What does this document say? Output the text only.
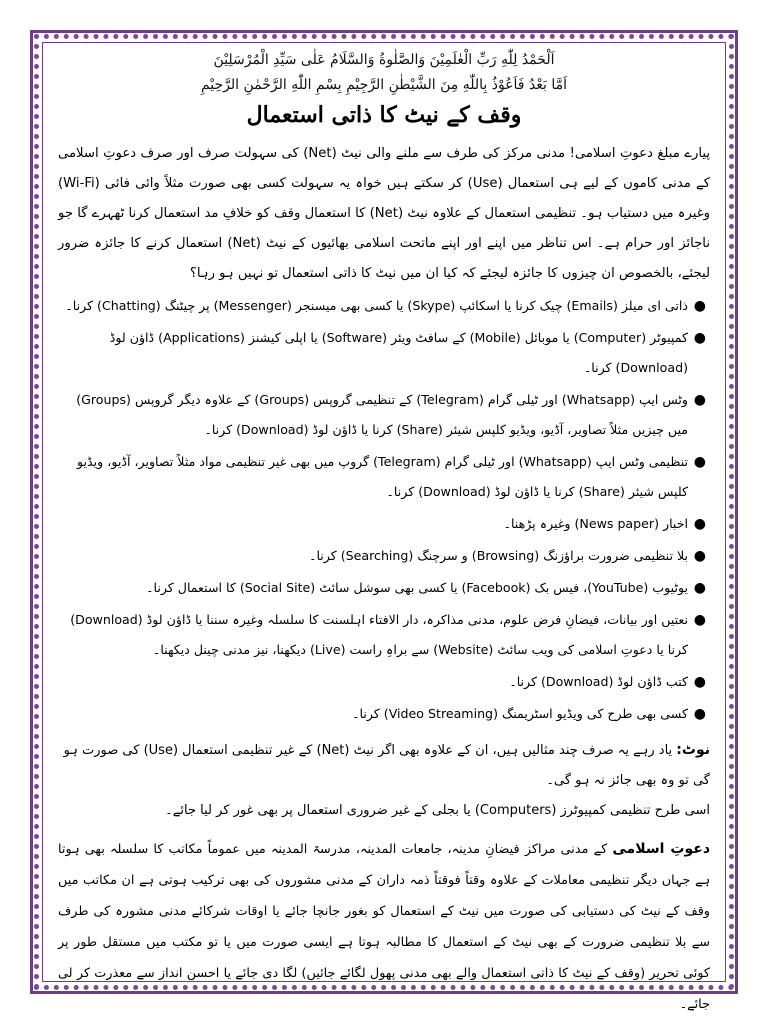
اَلْحَمْدُ لِلّٰهِ رَبِّ الْعٰلَمِيْنَ وَالصَّلٰوةُ وَالسَّلَامُ عَلٰى سَيِّدِ الْمُرْسَلِيْنَ

اَمَّا بَعْدُ فَاَعُوْذُ بِاللّٰهِ مِنَ الشَّيْطٰنِ الرَّجِيْمِ بِسْمِ اللّٰهِ الرَّحْمٰنِ الرَّحِيْمِ

وقف کے نیٹ کا ذاتی استعمال

پیارے مبلغ دعوتِ اسلامی! مدنی مرکز کی طرف سے ملنے والی نیٹ (Net) کی سہولت صرف اور صرف دعوتِ اسلامی کے مدنی کاموں کے لیے ہی استعمال (Use) کر سکتے ہیں خواہ یہ سہولت کسی بھی صورت مثلاً وائی فائی (Wi-Fi) وغیرہ میں دستیاب ہو۔ تنظیمی استعمال کے علاوہ نیٹ (Net) کا استعمال وقف کو خلافِ مد استعمال کرنا ٹھہرے گا جو ناجائز اور حرام ہے۔ اس تناظر میں اپنے اور اپنے ماتحت اسلامی بھائیوں کے نیٹ (Net) استعمال کرنے کا جائزہ ضرور لیجئے، بالخصوص ان چیزوں کا جائزہ لیجئے کہ کیا ان میں نیٹ کا ذاتی استعمال تو نہیں ہو رہا؟

●
ذاتی ای میلز (Emails) چیک کرنا یا اسکائپ (Skype) یا کسی بھی میسنجر (Messenger) پر چیٹنگ (Chatting) کرنا۔
●
کمپیوٹر (Computer) یا موبائل (Mobile) کے سافٹ ویئر (Software) یا اپلی کیشنز (Applications) ڈاؤن لوڈ (Download) کرنا۔
●
وٹس ایپ (Whatsapp) اور ٹیلی گرام (Telegram) کے تنظیمی گروپس (Groups) کے علاوہ دیگر گروپس (Groups) میں چیزیں مثلاً تصاویر، آڈیو، ویڈیو کلپس شیئر (Share) کرنا یا ڈاؤن لوڈ (Download) کرنا۔
●
تنظیمی وٹس ایپ (Whatsapp) اور ٹیلی گرام (Telegram) گروپ میں بھی غیر تنظیمی مواد مثلاً تصاویر، آڈیو، ویڈیو کلپس شیئر (Share) کرنا یا ڈاؤن لوڈ (Download) کرنا۔
●
اخبار (News paper) وغیرہ پڑھنا۔
●
بلا تنظیمی ضرورت براؤزنگ (Browsing) و سرچنگ (Searching) کرنا۔
●
یوٹیوب (YouTube)، فیس بک (Facebook) یا کسی بھی سوشل سائٹ (Social Site) کا استعمال کرنا۔
●
نعتیں اور بیانات، فیضانِ فرض علوم، مدنی مذاکرہ، دار الافتاء اہلسنت کا سلسلہ وغیرہ سننا یا ڈاؤن لوڈ (Download) کرنا یا دعوتِ اسلامی کی ویب سائٹ (Website) سے براہِ راست (Live) دیکھنا، نیز مدنی چینل دیکھنا۔
●
کتب ڈاؤن لوڈ (Download) کرنا۔
●
کسی بھی طرح کی ویڈیو اسٹریمنگ (Video Streaming) کرنا۔

نوٹ: یاد رہے یہ صرف چند مثالیں ہیں، ان کے علاوہ بھی اگر نیٹ (Net) کے غیر تنظیمی استعمال (Use) کی صورت ہو گی تو وہ بھی جائز نہ ہو گی۔

اسی طرح تنظیمی کمپیوٹرز (Computers) یا بجلی کے غیر ضروری استعمال پر بھی غور کر لیا جائے۔

دعوتِ اسلامی کے مدنی مراکز فیضانِ مدینہ، جامعات المدینہ، مدرسۃ المدینہ میں عموماً مکاتب کا سلسلہ بھی ہوتا ہے جہاں دیگر تنظیمی معاملات کے علاوہ وقتاً فوقتاً ذمہ داران کے مدنی مشوروں کی بھی ترکیب ہوتی ہے ان مکاتب میں وقف کے نیٹ کی دستیابی کی صورت میں نیٹ کے استعمال کو بغور جانچا جائے یا اوقات شرکائے مدنی مشورہ کی طرف سے بلا تنظیمی ضرورت کے بھی نیٹ کے استعمال کا مطالبہ ہوتا ہے ایسی صورت میں یا تو مکتب میں مستقل طور پر کوئی تحریر (وقف کے نیٹ کا ذاتی استعمال والے بھی مدنی پھول لگائے جائیں) لگا دی جائے یا احسن انداز سے معذرت کر لی جائے۔
